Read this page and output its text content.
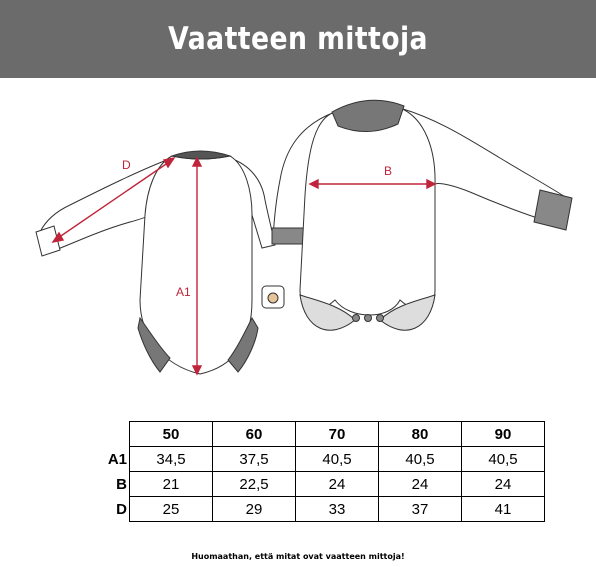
Vaatteen mittoja
D
A1
B
	50	60	70	80	90
A1	34,5	37,5	40,5	40,5	40,5
B	21	22,5	24	24	24
D	25	29	33	37	41
Huomaathan, että mitat ovat vaatteen mittoja!
